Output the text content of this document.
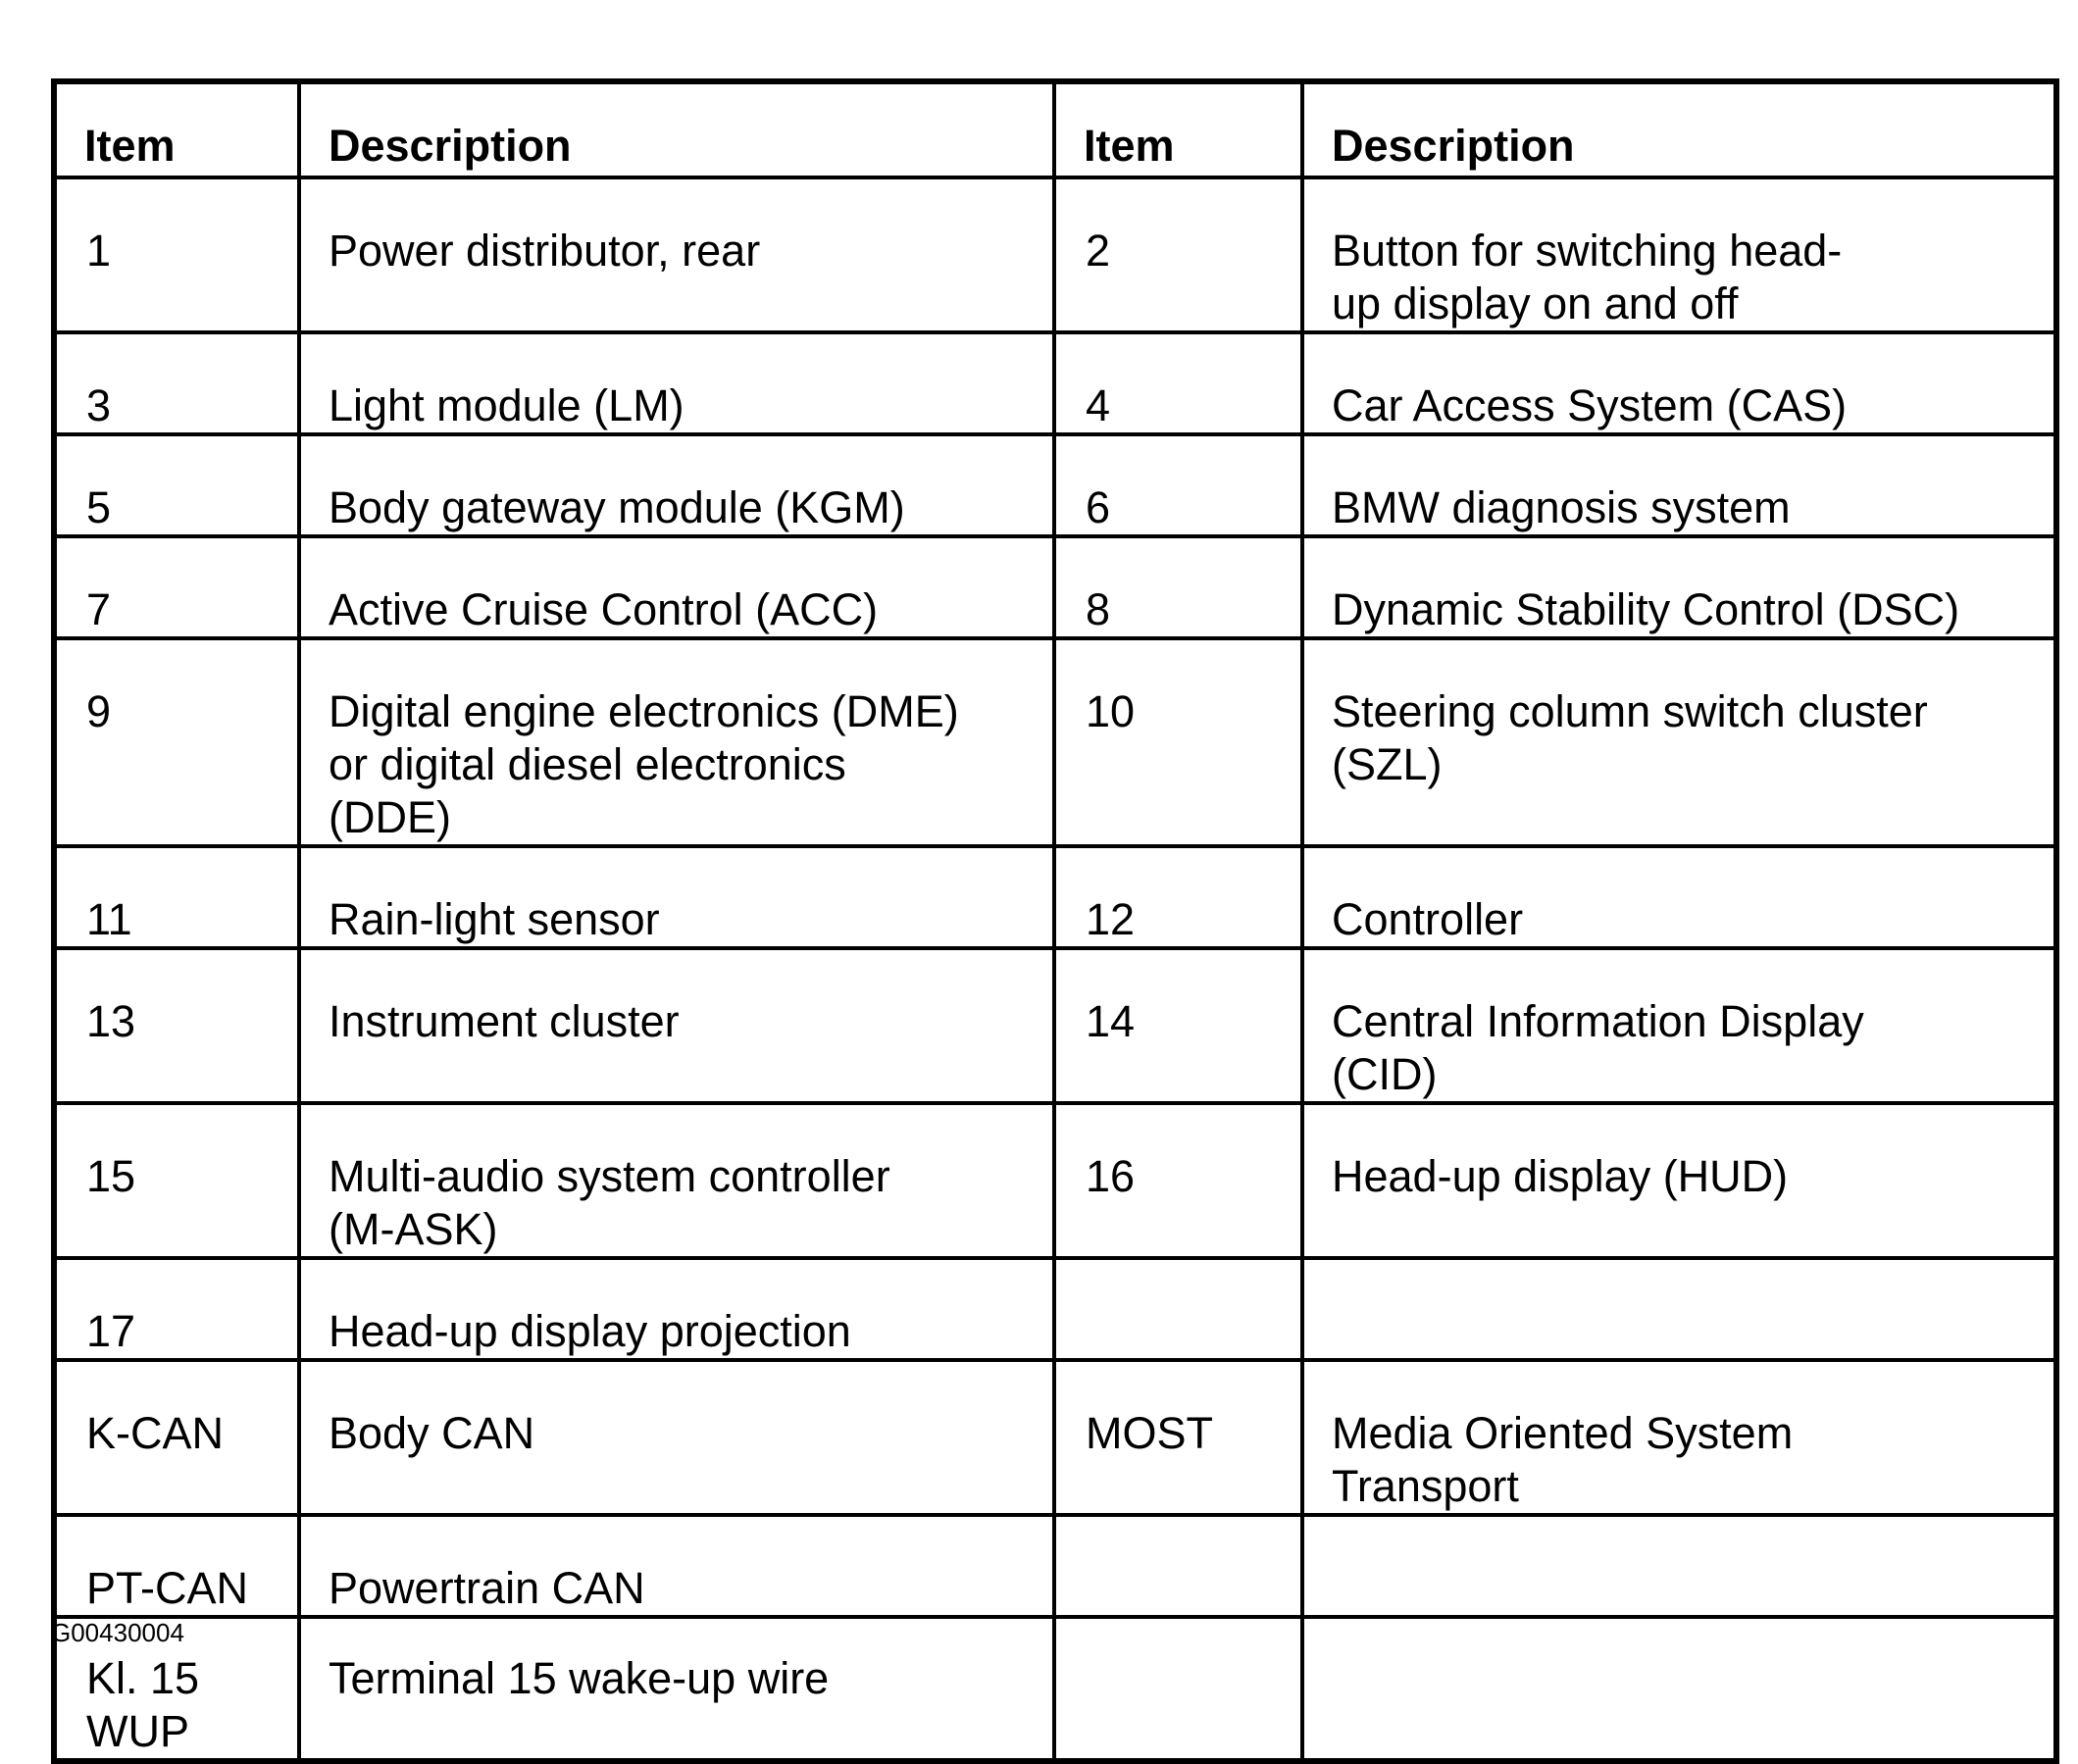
Item	Description	Item	Description
1	Power distributor, rear	2	Button for switching head-
up display on and off
3	Light module (LM)	4	Car Access System (CAS)
5	Body gateway module (KGM)	6	BMW diagnosis system
7	Active Cruise Control (ACC)	8	Dynamic Stability Control (DSC)
9	Digital engine electronics (DME)
or digital diesel electronics
(DDE)	10	Steering column switch cluster
(SZL)
11	Rain-light sensor	12	Controller
13	Instrument cluster	14	Central Information Display
(CID)
15	Multi-audio system controller
(M-ASK)	16	Head-up display (HUD)
17	Head-up display projection		
K-CAN	Body CAN	MOST	Media Oriented System
Transport
PT-CAN	Powertrain CAN		
Kl. 15
WUP	Terminal 15 wake-up wire		
G00430004
